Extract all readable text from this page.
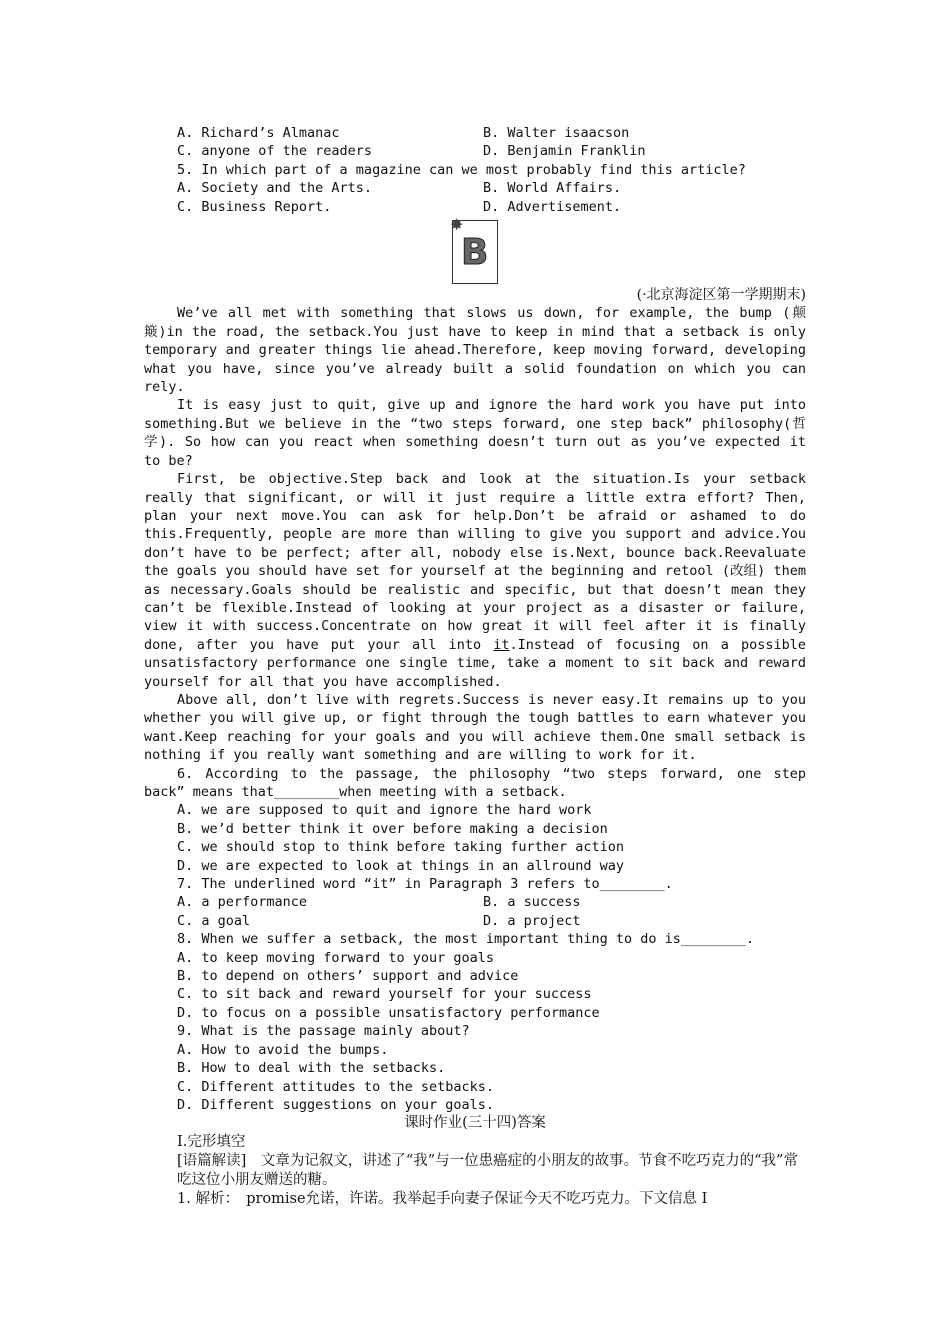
A. Richard’s Almanac	B. Walter isaacson
C. anyone of the readers	D. Benjamin Franklin
5. In which part of a magazine can we most probably find this article?
A. Society and the Arts.	B. World Affairs.
C. Business Report.	D. Advertisement.
✸
B
(·北京海淀区第一学期期末)

We’ve all met with something that slows us down, for example, the bump (颠簸)in the road, the setback.You just have to keep in mind that a setback is only temporary and greater things lie ahead.Therefore, keep moving forward, developing what you have, since you’ve already built a solid foundation on which you can rely.

It is easy just to quit, give up and ignore the hard work you have put into something.But we believe in the “two steps forward, one step back” philosophy(哲学). So how can you react when something doesn’t turn out as you’ve expected it to be?

First, be objective.Step back and look at the situation.Is your setback really that significant, or will it just require a little extra effort? Then, plan your next move.You can ask for help.Don’t be afraid or ashamed to do this.Frequently, people are more than willing to give you support and advice.You don’t have to be perfect; after all, nobody else is.Next, bounce back.Reevaluate the goals you should have set for yourself at the beginning and retool (改组) them as necessary.Goals should be realistic and specific, but that doesn’t mean they can’t be flexible.Instead of looking at your project as a disaster or failure, view it with success.Concentrate on how great it will feel after it is finally done, after you have put your all into it.Instead of focusing on a possible unsatisfactory performance one single time, take a moment to sit back and reward yourself for all that you have accomplished.

Above all, don’t live with regrets.Success is never easy.It remains up to you whether you will give up, or fight through the tough battles to earn whatever you want.Keep reaching for your goals and you will achieve them.One small setback is nothing if you really want something and are willing to work for it.

6. According to the passage, the philosophy “two steps forward, one step back” means that________when meeting with a setback.

A. we are supposed to quit and ignore the hard work
B. we’d better think it over before making a decision
C. we should stop to think before taking further action
D. we are expected to look at things in an allround way
7. The underlined word “it” in Paragraph 3 refers to________.
A. a performance	B. a success
C. a goal	D. a project
8. When we suffer a setback, the most important thing to do is________.
A. to keep moving forward to your goals
B. to depend on others’ support and advice
C. to sit back and reward yourself for your success
D. to focus on a possible unsatisfactory performance
9. What is the passage mainly about?
A. How to avoid the bumps.
B. How to deal with the setbacks.
C. Different attitudes to the setbacks.
D. Different suggestions on your goals.
课时作业(三十四)答案
I.完形填空
[语篇解读]　文章为记叙文，讲述了“我”与一位患癌症的小朋友的故事。节食不吃巧克力的“我”常吃这位小朋友赠送的糖。
1. 解析：　promise允诺，许诺。我举起手向妻子保证今天不吃巧克力。下文信息 I
